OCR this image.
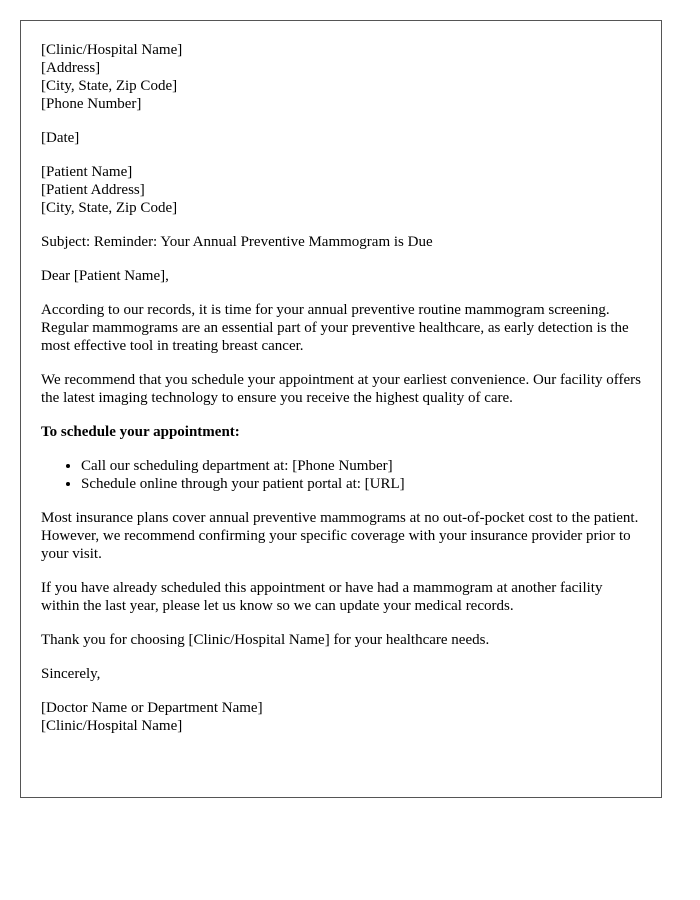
[Clinic/Hospital Name]
[Address]
[City, State, Zip Code]
[Phone Number]

[Date]

[Patient Name]
[Patient Address]
[City, State, Zip Code]

Subject: Reminder: Your Annual Preventive Mammogram is Due

Dear [Patient Name],

According to our records, it is time for your annual preventive routine mammogram screening. Regular mammograms are an essential part of your preventive healthcare, as early detection is the most effective tool in treating breast cancer.

We recommend that you schedule your appointment at your earliest convenience. Our facility offers the latest imaging technology to ensure you receive the highest quality of care.

To schedule your appointment:

• Call our scheduling department at: [Phone Number]
• Schedule online through your patient portal at: [URL]

Most insurance plans cover annual preventive mammograms at no out-of-pocket cost to the patient. However, we recommend confirming your specific coverage with your insurance provider prior to your visit.

If you have already scheduled this appointment or have had a mammogram at another facility within the last year, please let us know so we can update your medical records.

Thank you for choosing [Clinic/Hospital Name] for your healthcare needs.

Sincerely,

[Doctor Name or Department Name]
[Clinic/Hospital Name]
